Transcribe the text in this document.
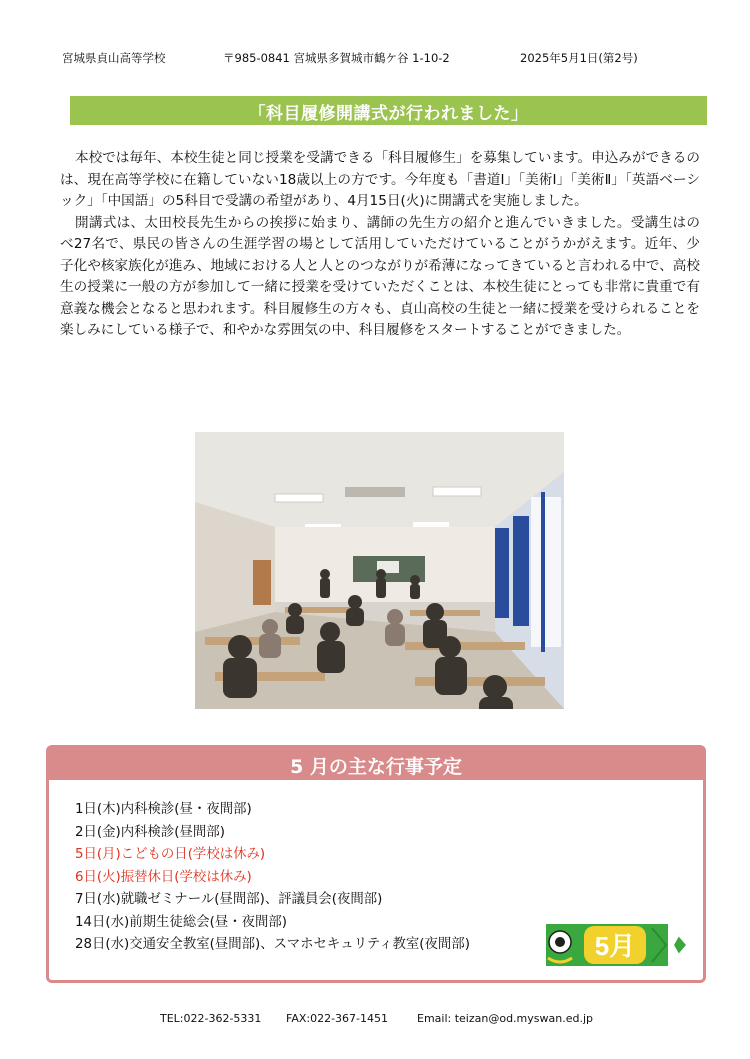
宮城県貞山高等学校	〒985-0841 宮城県多賀城市鶴ケ谷 1-10-2	2025年5月1日(第2号)
「科目履修開講式が行われました」

本校では毎年、本校生徒と同じ授業を受講できる「科目履修生」を募集しています。申込みができるのは、現在高等学校に在籍していない18歳以上の方です。今年度も「書道Ⅰ」「美術Ⅰ」「美術Ⅱ」「英語ベーシック」「中国語」の5科目で受講の希望があり、4月15日(火)に開講式を実施しました。

開講式は、太田校長先生からの挨拶に始まり、講師の先生方の紹介と進んでいきました。受講生はのべ27名で、県民の皆さんの生涯学習の場として活用していただけていることがうかがえます。近年、少子化や核家族化が進み、地域における人と人とのつながりが希薄になってきていると言われる中で、高校生の授業に一般の方が参加して一緒に授業を受けていただくことは、本校生徒にとっても非常に貴重で有意義な機会となると思われます。科目履修生の方々も、貞山高校の生徒と一緒に授業を受けられることを楽しみにしている様子で、和やかな雰囲気の中、科目履修をスタートすることができました。

5 月の主な行事予定
1日(木)内科検診(昼・夜間部)
2日(金)内科検診(昼間部)
5日(月)こどもの日(学校は休み)
6日(火)振替休日(学校は休み)
7日(水)就職ゼミナール(昼間部)、評議員会(夜間部)
14日(水)前期生徒総会(昼・夜間部)
28日(水)交通安全教室(昼間部)、スマホセキュリティ教室(夜間部)	5月
TEL:022-362-5331 FAX:022-367-1451	Email: teizan@od.myswan.ed.jp
